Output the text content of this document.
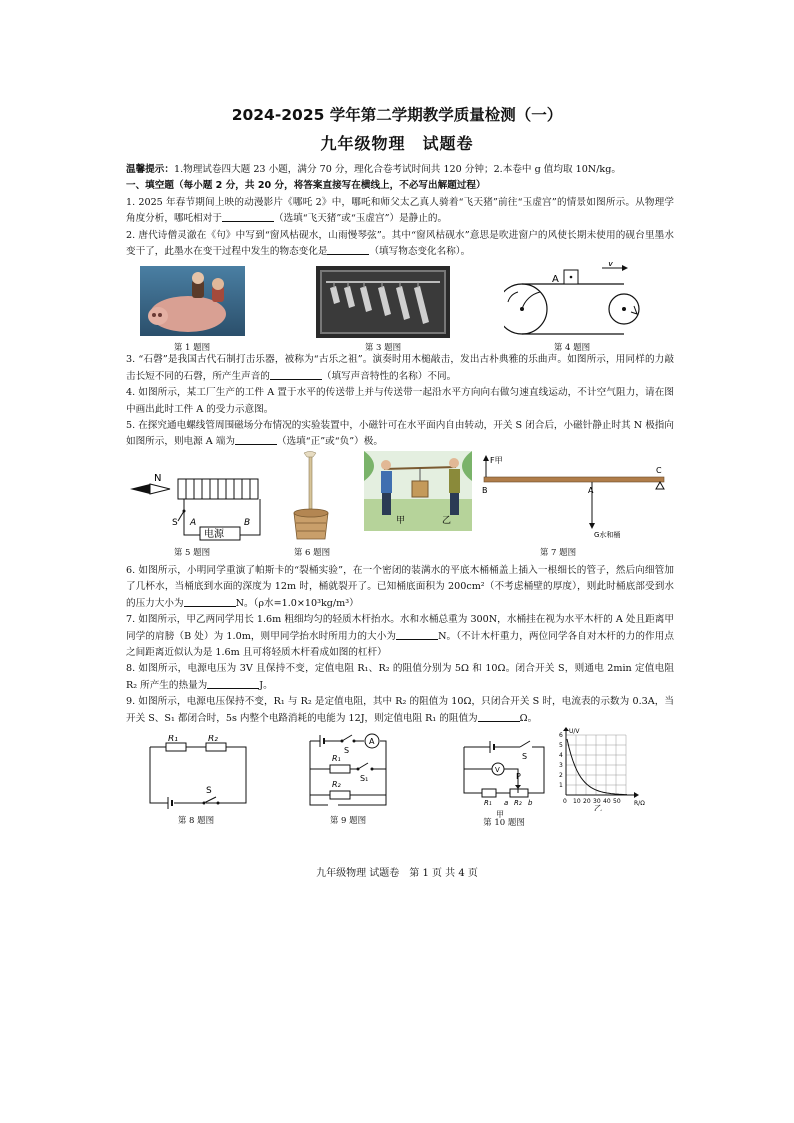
2024-2025 学年第二学期教学质量检测（一）
九年级物理　试题卷

温馨提示：1.物理试卷四大题 23 小题，满分 70 分，理化合卷考试时间共 120 分钟；2.本卷中 g 值均取 10N/kg。

一、填空题（每小题 2 分，共 20 分，将答案直接写在横线上，不必写出解题过程）

1. 2025 年春节期间上映的动漫影片《哪吒 2》中，哪吒和师父太乙真人骑着“飞天猪”前往“玉虚宫”的情景如图所示。从物理学角度分析，哪吒相对于	（选填“飞天猪”或“玉虚宫”）是静止的。

2. 唐代诗僧灵澈在《句》中写到“窗风枯砚水，山雨慢琴弦”。其中“窗风枯砚水”意思是吹进窗户的风使长期未使用的砚台里墨水变干了，此墨水在变干过程中发生的物态变化是	（填写物态变化名称）。

第 1 题图	第 3 题图
A
v
第 4 题图

3. “石磬”是我国古代石制打击乐器，被称为“古乐之祖”。演奏时用木槌敲击，发出古朴典雅的乐曲声。如图所示，用同样的力敲击长短不同的石磬，所产生声音的	（填写声音特性的名称）不同。

4. 如图所示，某工厂生产的工件 A 置于水平的传送带上并与传送带一起沿水平方向向右做匀速直线运动，不计空气阻力，请在图中画出此时工件 A 的受力示意图。

5. 在探究通电螺线管周围磁场分布情况的实验装置中，小磁针可在水平面内自由转动，开关 S 闭合后，小磁针静止时其 N 极指向如图所示，则电源 A 端为	（选填“正”或“负”）极。

N
S
电源
A	B
第 5 题图	第 6 题图
甲	乙
F甲
B	A
G水和桶
C
第 7 题图

6. 如图所示，小明同学重演了帕斯卡的“裂桶实验”，在一个密闭的装满水的平底木桶桶盖上插入一根细长的管子，然后向细管加了几杯水，当桶底到水面的深度为 12m 时，桶就裂开了。已知桶底面积为 200cm²（不考虑桶壁的厚度），则此时桶底部受到水的压力大小为	N。（ρ水=1.0×10³kg/m³）

7. 如图所示，甲乙两同学用长 1.6m 粗细均匀的轻质木杆抬水。水和水桶总重为 300N，水桶挂在视为水平木杆的 A 处且距离甲同学的肩膀（B 处）为 1.0m，则甲同学抬水时所用力的大小为	N。（不计木杆重力，两位同学各自对木杆的力的作用点之间距离近似认为是 1.6m 且可将轻质木杆看成如图的杠杆）

8. 如图所示，电源电压为 3V 且保持不变，定值电阻 R₁、R₂ 的阻值分别为 5Ω 和 10Ω。闭合开关 S，则通电 2min 定值电阻 R₂ 所产生的热量为	J。

9. 如图所示，电源电压保持不变，R₁ 与 R₂ 是定值电阻，其中 R₂ 的阻值为 10Ω，只闭合开关 S 时，电流表的示数为 0.3A，当开关 S、S₁ 都闭合时，5s 内整个电路消耗的电能为 12J，则定值电阻 R₁ 的阻值为	Ω。

R₁	R₂
S
第 8 题图
A
S
R₁
S₁
R₂
第 9 题图
V
S
P
R₁ a R₂ b
甲
U/V
R/Ω
6
5
4
3
2
1
0 10 20 30 40 50
乙
第 10 题图
九年级物理 试题卷　第 1 页 共 4 页
